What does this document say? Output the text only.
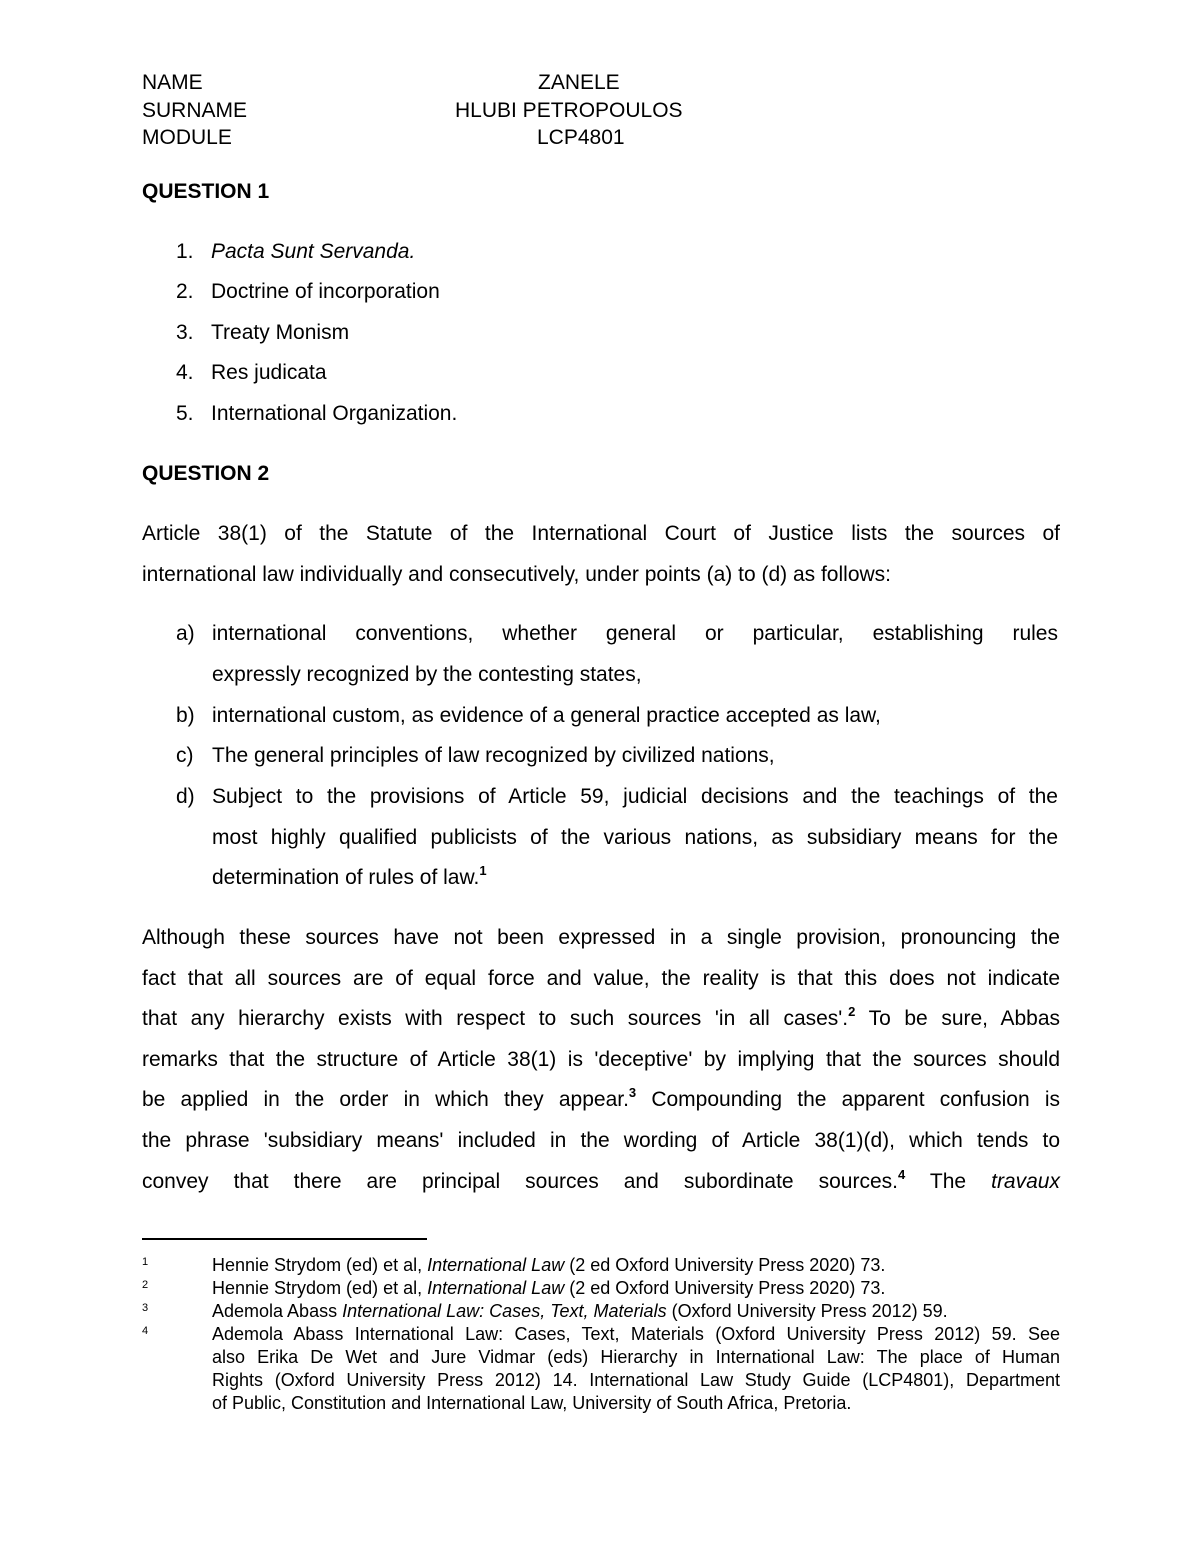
NAME	ZANELE
SURNAME	HLUBI PETROPOULOS
MODULE	LCP4801
QUESTION 1
1. Pacta Sunt Servanda.
2. Doctrine of incorporation
3. Treaty Monism
4. Res judicata
5. International Organization.
QUESTION 2
Article 38(1) of the Statute of the International Court of Justice lists the sources of
international law individually and consecutively, under points (a) to (d) as follows:
a) international conventions, whether general or particular, establishing rules
expressly recognized by the contesting states,
b) international custom, as evidence of a general practice accepted as law,
c) The general principles of law recognized by civilized nations,
d) Subject to the provisions of Article 59, judicial decisions and the teachings of the
most highly qualified publicists of the various nations, as subsidiary means for the
determination of rules of law.$^1$
Although these sources have not been expressed in a single provision, pronouncing the
fact that all sources are of equal force and value, the reality is that this does not indicate
that any hierarchy exists with respect to such sources 'in all cases'.$^2$ To be sure, Abbas
remarks that the structure of Article 38(1) is 'deceptive' by implying that the sources should
be applied in the order in which they appear.$^3$ Compounding the apparent confusion is
the phrase 'subsidiary means' included in the wording of Article 38(1)(d), which tends to
convey that there are principal sources and subordinate sources.$^4$ The travaux
1	Hennie Strydom (ed) et al, International Law (2 ed Oxford University Press 2020) 73.
2	Hennie Strydom (ed) et al, International Law (2 ed Oxford University Press 2020) 73.
3	Ademola Abass International Law: Cases, Text, Materials (Oxford University Press 2012) 59.
4	Ademola Abass International Law: Cases, Text, Materials (Oxford University Press 2012) 59. See
also Erika De Wet and Jure Vidmar (eds) Hierarchy in International Law: The place of Human
Rights (Oxford University Press 2012) 14. International Law Study Guide (LCP4801), Department
of Public, Constitution and International Law, University of South Africa, Pretoria.
